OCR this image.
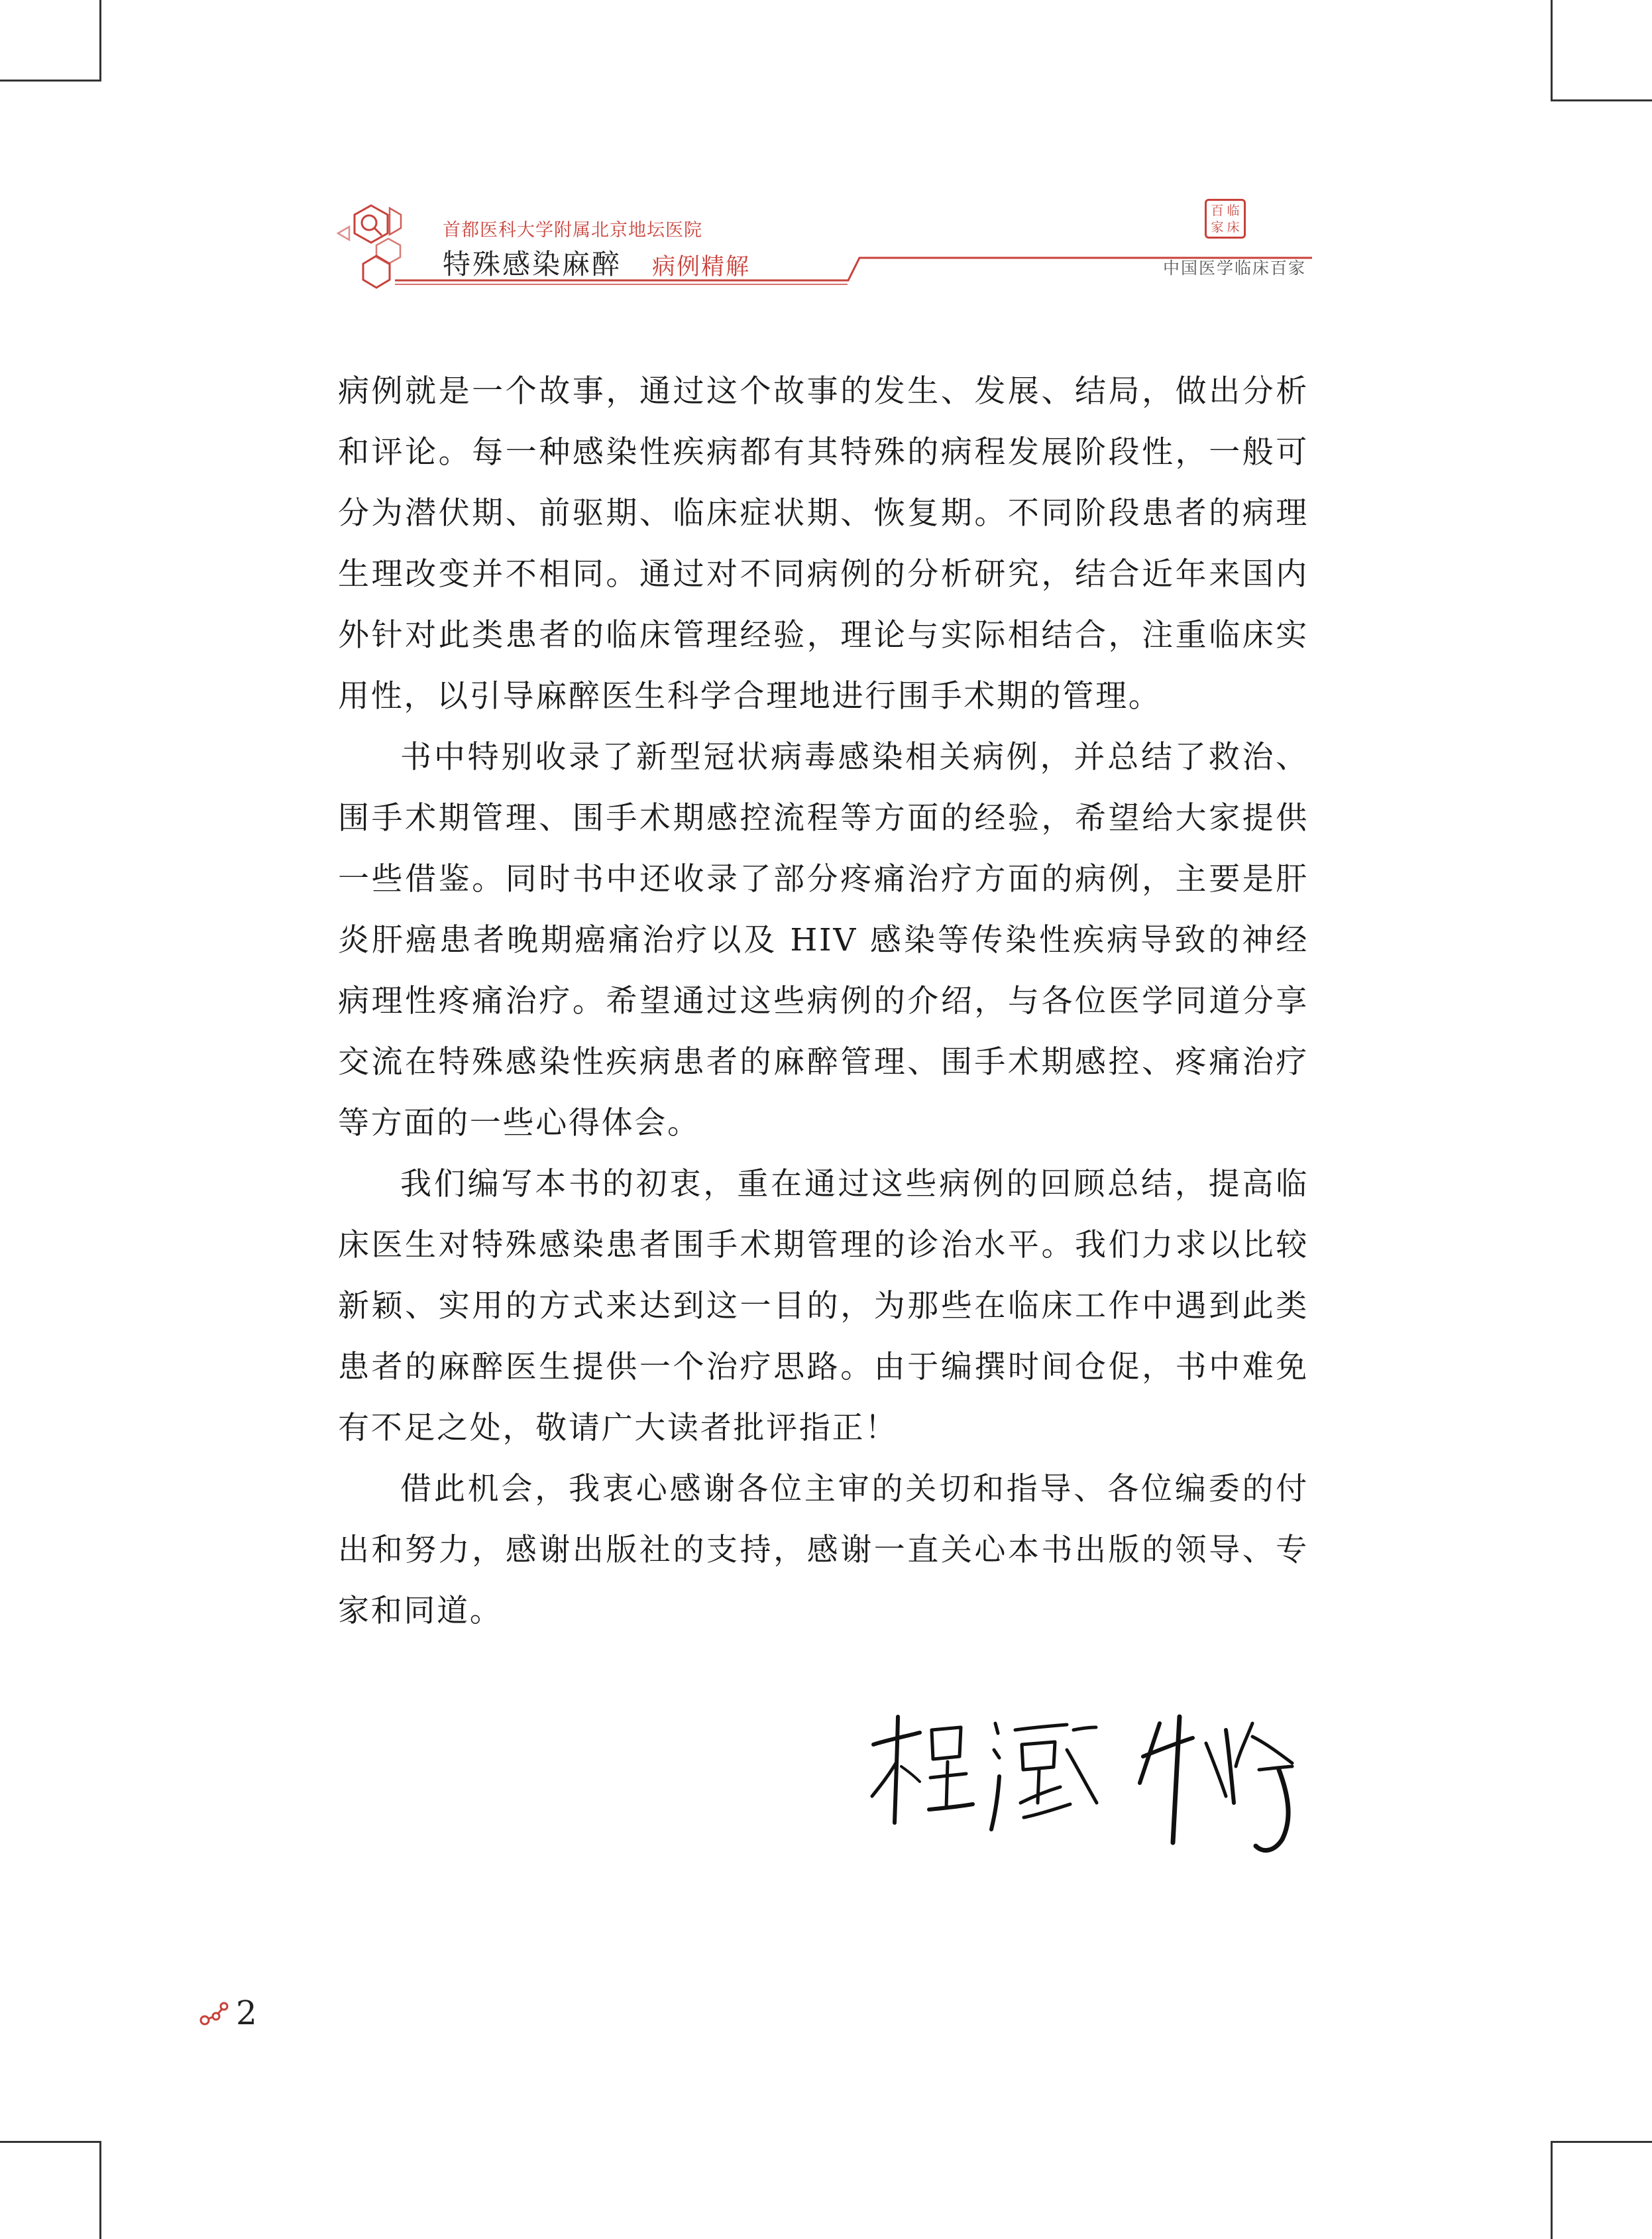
首都医科大学附属北京地坛医院
特殊感染麻醉 病例精解
百 临
家 床
中国医学临床百家

病例就是一个故事，通过这个故事的发生、发展、结局，做出分析和评论。每一种感染性疾病都有其特殊的病程发展阶段性，一般可分为潜伏期、前驱期、临床症状期、恢复期。不同阶段患者的病理生理改变并不相同。通过对不同病例的分析研究，结合近年来国内外针对此类患者的临床管理经验，理论与实际相结合，注重临床实用性，以引导麻醉医生科学合理地进行围手术期的管理。

书中特别收录了新型冠状病毒感染相关病例，并总结了救治、围手术期管理、围手术期感控流程等方面的经验，希望给大家提供一些借鉴。同时书中还收录了部分疼痛治疗方面的病例，主要是肝炎肝癌患者晚期癌痛治疗以及 HIV 感染等传染性疾病导致的神经病理性疼痛治疗。希望通过这些病例的介绍，与各位医学同道分享交流在特殊感染性疾病患者的麻醉管理、围手术期感控、疼痛治疗等方面的一些心得体会。

我们编写本书的初衷，重在通过这些病例的回顾总结，提高临床医生对特殊感染患者围手术期管理的诊治水平。我们力求以比较新颖、实用的方式来达到这一目的，为那些在临床工作中遇到此类患者的麻醉医生提供一个治疗思路。由于编撰时间仓促，书中难免有不足之处，敬请广大读者批评指正！

借此机会，我衷心感谢各位主审的关切和指导、各位编委的付出和努力，感谢出版社的支持，感谢一直关心本书出版的领导、专家和同道。

2
